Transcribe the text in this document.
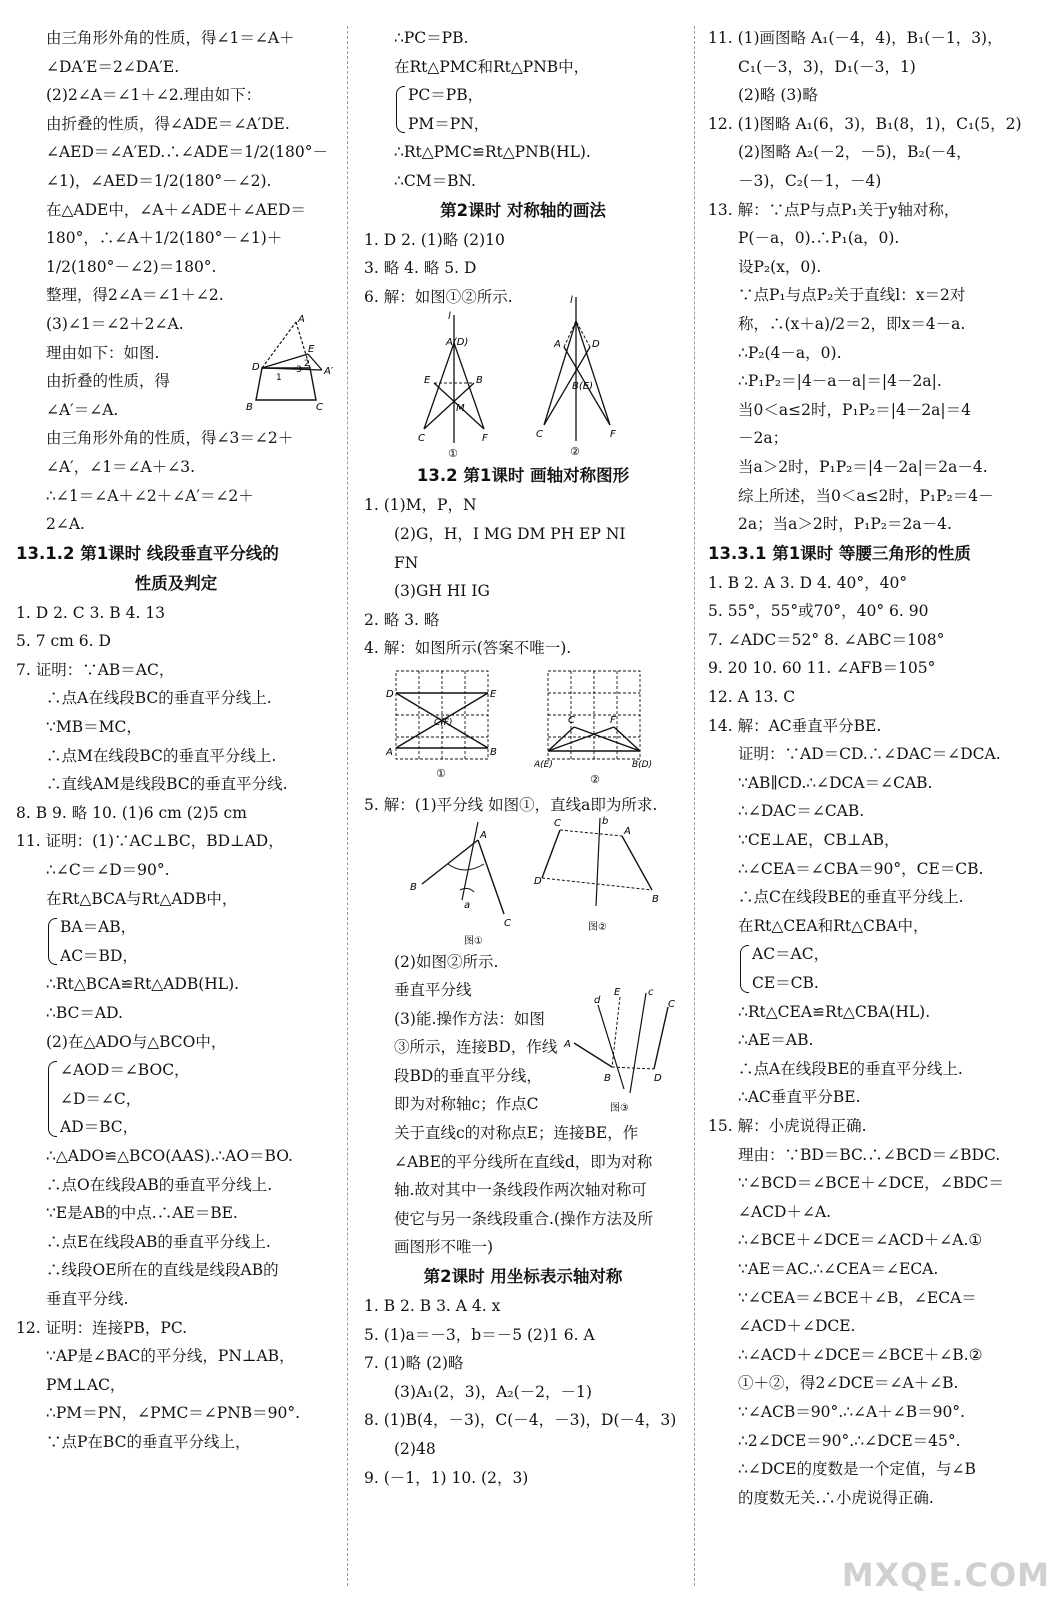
由三角形外角的性质，得∠1＝∠A＋
∠DA′E＝2∠DA′E.
(2)2∠A＝∠1＋∠2.理由如下：
由折叠的性质，得∠ADE＝∠A′DE.
∠AED＝∠A′ED.∴∠ADE＝1/2(180°－
∠1)，∠AED＝1/2(180°－∠2).
在△ADE中，∠A＋∠ADE＋∠AED＝
180°，∴∠A＋1/2(180°－∠1)＋
1/2(180°－∠2)＝180°.
整理，得2∠A＝∠1＋∠2.
(3)∠1＝∠2＋2∠A.
理由如下：如图.
由折叠的性质，得
∠A′＝∠A.
A
D
E
A′
B	C
1
2
3
由三角形外角的性质，得∠3＝∠2＋
∠A′，∠1＝∠A＋∠3.
∴∠1＝∠A＋∠2＋∠A′＝∠2＋
2∠A.
13.1.2 第1课时 线段垂直平分线的
性质及判定
1. D 2. C 3. B 4. 13
5. 7 cm 6. D
7. 证明：∵AB＝AC，
∴点A在线段BC的垂直平分线上.
∵MB＝MC，
∴点M在线段BC的垂直平分线上.
∴直线AM是线段BC的垂直平分线.
8. B 9. 略 10. (1)6 cm (2)5 cm
11. 证明：(1)∵AC⊥BC，BD⊥AD，
∴∠C＝∠D＝90°.
在Rt△BCA与Rt△ADB中，
BA＝AB，
AC＝BD，
∴Rt△BCA≌Rt△ADB(HL).
∴BC＝AD.
(2)在△ADO与△BCO中，
∠AOD＝∠BOC，
∠D＝∠C，
AD＝BC，
∴△ADO≌△BCO(AAS).∴AO＝BO.
∴点O在线段AB的垂直平分线上.
∵E是AB的中点.∴AE＝BE.
∴点E在线段AB的垂直平分线上.
∴线段OE所在的直线是线段AB的
垂直平分线.
12. 证明：连接PB，PC.
∵AP是∠BAC的平分线，PN⊥AB，
PM⊥AC，
∴PM＝PN，∠PMC＝∠PNB＝90°.
∵点P在BC的垂直平分线上，
∴PC＝PB.
在Rt△PMC和Rt△PNB中，
PC＝PB，
PM＝PN，
∴Rt△PMC≌Rt△PNB(HL).
∴CM＝BN.
第2课时 对称轴的画法
1. D 2. (1)略 (2)10
3. 略 4. 略 5. D
6. 解：如图①②所示.
l
A(D)
E	B
M
C	F
①
l
A	D
B(E)
C	F
②
13.2 第1课时 画轴对称图形
1. (1)M，P，N
(2)G，H，I MG DM PH EP NI
FN
(3)GH HI IG
2. 略 3. 略
4. 解：如图所示(答案不唯一).
D	E
C(F)
A	B
①
C	F
A(E)	B(D)
②
5. 解：(1)平分线 如图①，直线a即为所求.
A
B
C
a
图①
C	b
A
D
B
图②
(2)如图②所示.
垂直平分线
(3)能.操作方法：如图
③所示，连接BD，作线
段BD的垂直平分线，
即为对称轴c；作点C
A
d
E	c
C
B	D
图③
关于直线c的对称点E；连接BE，作
∠ABE的平分线所在直线d，即为对称
轴.故对其中一条线段作两次轴对称可
使它与另一条线段重合.(操作方法及所
画图形不唯一)
第2课时 用坐标表示轴对称
1. B 2. B 3. A 4. x
5. (1)a＝－3，b＝－5 (2)1 6. A
7. (1)略 (2)略
(3)A₁(2，3)，A₂(－2，－1)
8. (1)B(4，－3)，C(－4，－3)，D(－4，3)
(2)48
9. (－1，1) 10. (2，3)
11. (1)画图略 A₁(－4，4)，B₁(－1，3)，
C₁(－3，3)，D₁(－3，1)
(2)略 (3)略
12. (1)图略 A₁(6，3)，B₁(8，1)，C₁(5，2)
(2)图略 A₂(－2，－5)，B₂(－4，
－3)，C₂(－1，－4)
13. 解：∵点P与点P₁关于y轴对称，
P(－a，0).∴P₁(a，0).
设P₂(x，0).
∵点P₁与点P₂关于直线l：x＝2对
称，∴(x＋a)/2＝2，即x＝4－a.
∴P₂(4－a，0).
∴P₁P₂＝|4－a－a|＝|4－2a|.
当0＜a≤2时，P₁P₂＝|4－2a|＝4
－2a；
当a＞2时，P₁P₂＝|4－2a|＝2a－4.
综上所述，当0＜a≤2时，P₁P₂＝4－
2a；当a＞2时，P₁P₂＝2a－4.
13.3.1 第1课时 等腰三角形的性质
1. B 2. A 3. D 4. 40°，40°
5. 55°，55°或70°，40° 6. 90
7. ∠ADC＝52° 8. ∠ABC＝108°
9. 20 10. 60 11. ∠AFB＝105°
12. A 13. C
14. 解：AC垂直平分BE.
证明：∵AD＝CD.∴∠DAC＝∠DCA.
∵AB∥CD.∴∠DCA＝∠CAB.
∴∠DAC＝∠CAB.
∵CE⊥AE，CB⊥AB，
∴∠CEA＝∠CBA＝90°，CE＝CB.
∴点C在线段BE的垂直平分线上.
在Rt△CEA和Rt△CBA中，
AC＝AC，
CE＝CB.
∴Rt△CEA≌Rt△CBA(HL).
∴AE＝AB.
∴点A在线段BE的垂直平分线上.
∴AC垂直平分BE.
15. 解：小虎说得正确.
理由：∵BD＝BC.∴∠BCD＝∠BDC.
∵∠BCD＝∠BCE＋∠DCE，∠BDC＝
∠ACD＋∠A.
∴∠BCE＋∠DCE＝∠ACD＋∠A.①
∵AE＝AC.∴∠CEA＝∠ECA.
∵∠CEA＝∠BCE＋∠B，∠ECA＝
∠ACD＋∠DCE.
∴∠ACD＋∠DCE＝∠BCE＋∠B.②
①＋②，得2∠DCE＝∠A＋∠B.
∵∠ACB＝90°.∴∠A＋∠B＝90°.
∴2∠DCE＝90°.∴∠DCE＝45°.
∴∠DCE的度数是一个定值，与∠B
的度数无关.∴小虎说得正确.
MXQE.COM
